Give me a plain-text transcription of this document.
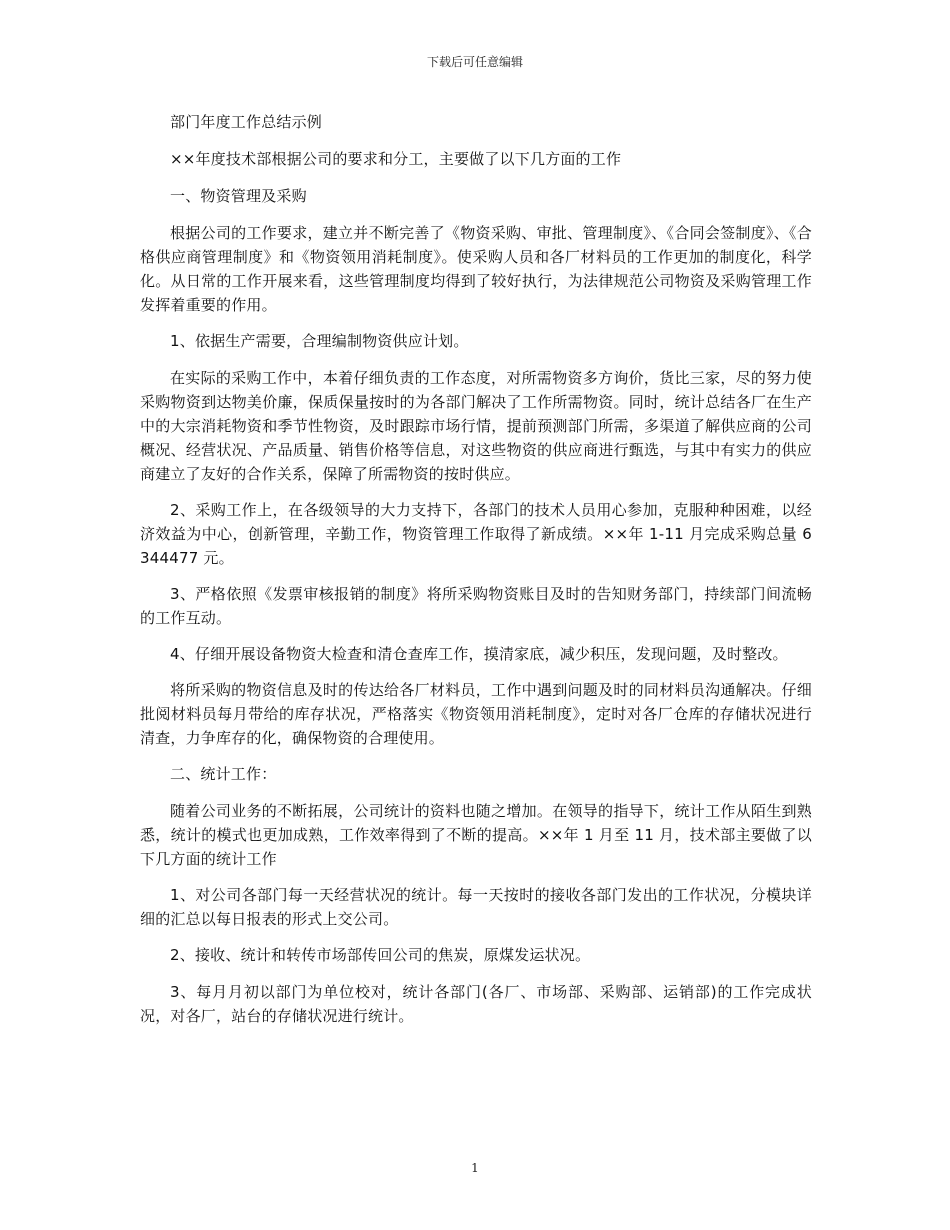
下载后可任意编辑

部门年度工作总结示例

××年度技术部根据公司的要求和分工，主要做了以下几方面的工作

一、物资管理及采购

根据公司的工作要求，建立并不断完善了《物资采购、审批、管理制度》、《合同会签制度》、《合格供应商管理制度》和《物资领用消耗制度》。使采购人员和各厂材料员的工作更加的制度化，科学化。从日常的工作开展来看，这些管理制度均得到了较好执行，为法律规范公司物资及采购管理工作发挥着重要的作用。

1、依据生产需要，合理编制物资供应计划。

在实际的采购工作中，本着仔细负责的工作态度，对所需物资多方询价，货比三家，尽的努力使采购物资到达物美价廉，保质保量按时的为各部门解决了工作所需物资。同时，统计总结各厂在生产中的大宗消耗物资和季节性物资，及时跟踪市场行情，提前预测部门所需，多渠道了解供应商的公司概况、经营状况、产品质量、销售价格等信息，对这些物资的供应商进行甄选，与其中有实力的供应商建立了友好的合作关系，保障了所需物资的按时供应。

2、采购工作上，在各级领导的大力支持下，各部门的技术人员用心参加，克服种种困难，以经济效益为中心，创新管理，辛勤工作，物资管理工作取得了新成绩。××年 1-11 月完成采购总量 6344477 元。

3、严格依照《发票审核报销的制度》将所采购物资账目及时的告知财务部门，持续部门间流畅的工作互动。

4、仔细开展设备物资大检查和清仓查库工作，摸清家底，减少积压，发现问题，及时整改。

将所采购的物资信息及时的传达给各厂材料员，工作中遇到问题及时的同材料员沟通解决。仔细批阅材料员每月带给的库存状况，严格落实《物资领用消耗制度》，定时对各厂仓库的存储状况进行清查，力争库存的化，确保物资的合理使用。

二、统计工作：

随着公司业务的不断拓展，公司统计的资料也随之增加。在领导的指导下，统计工作从陌生到熟悉，统计的模式也更加成熟，工作效率得到了不断的提高。××年 1 月至 11 月，技术部主要做了以下几方面的统计工作

1、对公司各部门每一天经营状况的统计。每一天按时的接收各部门发出的工作状况，分模块详细的汇总以每日报表的形式上交公司。

2、接收、统计和转传市场部传回公司的焦炭，原煤发运状况。

3、每月月初以部门为单位校对，统计各部门(各厂、市场部、采购部、运销部)的工作完成状况，对各厂，站台的存储状况进行统计。

1
